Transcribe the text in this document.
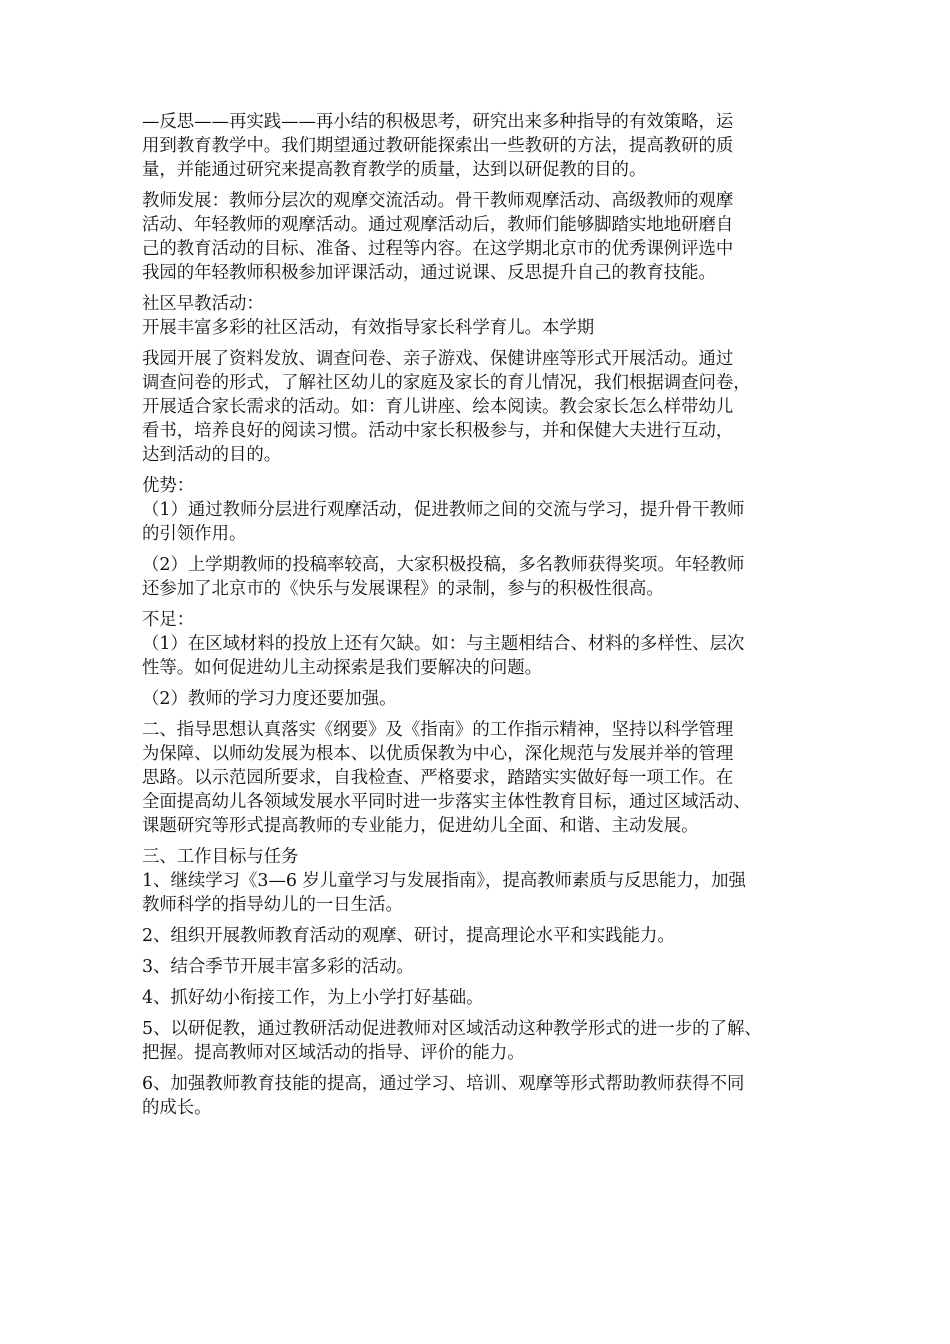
—反思——再实践——再小结的积极思考，研究出来多种指导的有效策略，运
用到教育教学中。我们期望通过教研能探索出一些教研的方法，提高教研的质
量，并能通过研究来提高教育教学的质量，达到以研促教的目的。
教师发展：教师分层次的观摩交流活动。骨干教师观摩活动、高级教师的观摩
活动、年轻教师的观摩活动。通过观摩活动后，教师们能够脚踏实地地研磨自
己的教育活动的目标、准备、过程等内容。在这学期北京市的优秀课例评选中
我园的年轻教师积极参加评课活动，通过说课、反思提升自己的教育技能。
社区早教活动：
开展丰富多彩的社区活动，有效指导家长科学育儿。本学期
我园开展了资料发放、调查问卷、亲子游戏、保健讲座等形式开展活动。通过
调查问卷的形式，了解社区幼儿的家庭及家长的育儿情况，我们根据调查问卷，
开展适合家长需求的活动。如：育儿讲座、绘本阅读。教会家长怎么样带幼儿
看书，培养良好的阅读习惯。活动中家长积极参与，并和保健大夫进行互动，
达到活动的目的。
优势：
（1）通过教师分层进行观摩活动，促进教师之间的交流与学习，提升骨干教师
的引领作用。
（2）上学期教师的投稿率较高，大家积极投稿，多名教师获得奖项。年轻教师
还参加了北京市的《快乐与发展课程》的录制，参与的积极性很高。
不足：
（1）在区域材料的投放上还有欠缺。如：与主题相结合、材料的多样性、层次
性等。如何促进幼儿主动探索是我们要解决的问题。
（2）教师的学习力度还要加强。
二、指导思想认真落实《纲要》及《指南》的工作指示精神，坚持以科学管理
为保障、以师幼发展为根本、以优质保教为中心，深化规范与发展并举的管理
思路。以示范园所要求，自我检查、严格要求，踏踏实实做好每一项工作。在
全面提高幼儿各领域发展水平同时进一步落实主体性教育目标，通过区域活动、
课题研究等形式提高教师的专业能力，促进幼儿全面、和谐、主动发展。
三、工作目标与任务
1、继续学习《3—6 岁儿童学习与发展指南》，提高教师素质与反思能力，加强
教师科学的指导幼儿的一日生活。
2、组织开展教师教育活动的观摩、研讨，提高理论水平和实践能力。
3、结合季节开展丰富多彩的活动。
4、抓好幼小衔接工作，为上小学打好基础。
5、以研促教，通过教研活动促进教师对区域活动这种教学形式的进一步的了解、
把握。提高教师对区域活动的指导、评价的能力。
6、加强教师教育技能的提高，通过学习、培训、观摩等形式帮助教师获得不同
的成长。
